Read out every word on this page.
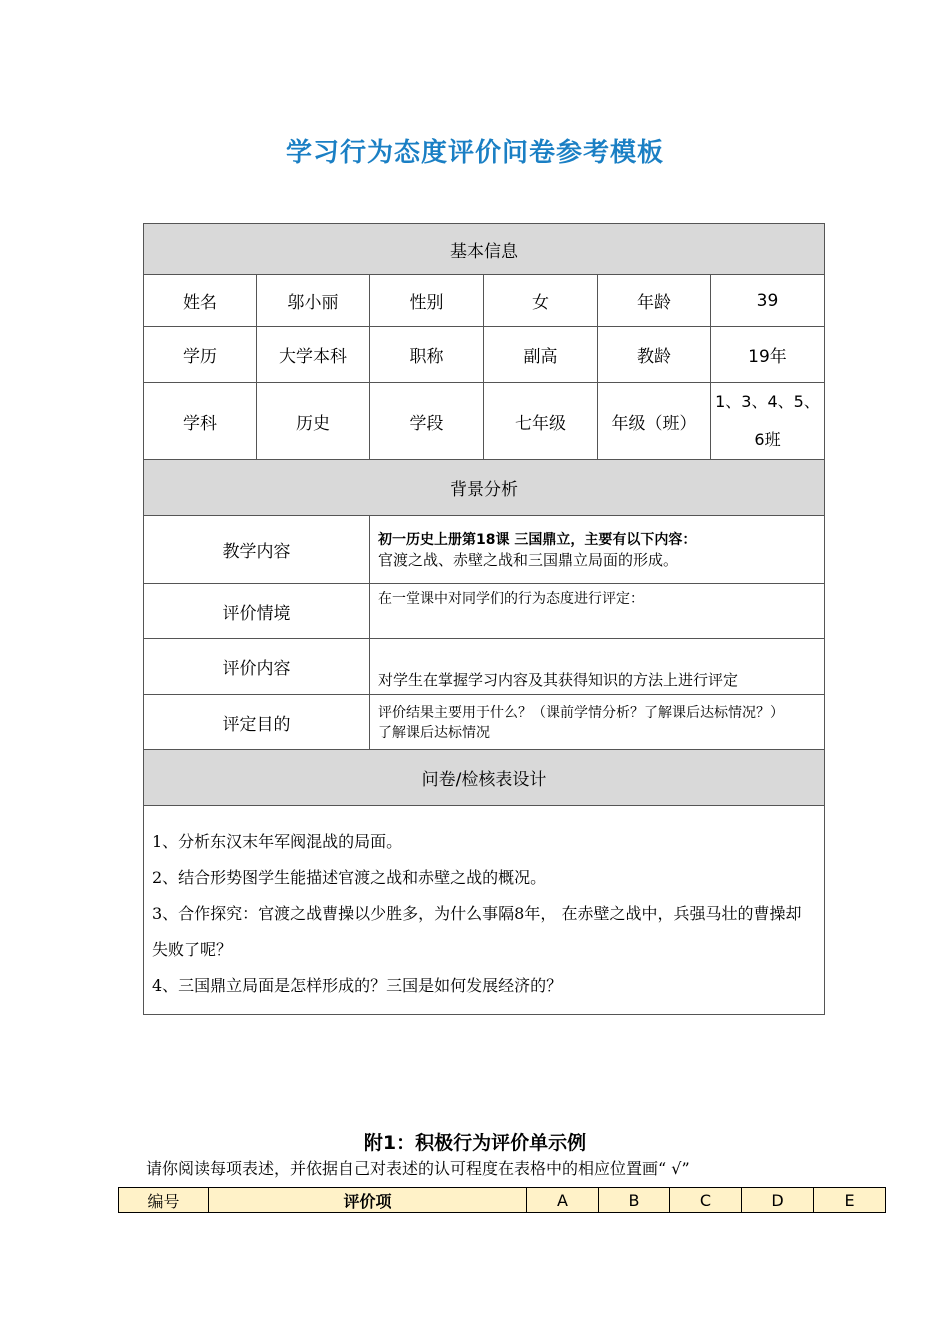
学习行为态度评价问卷参考模板
基本信息					
姓名	邬小丽	性别	女	年龄	39
学历	大学本科	职称	副高	教龄	19年
学科	历史	学段	七年级	年级（班）	1、3、4、5、6班
背景分析					
教学内容		初一历史上册第18课 三国鼎立，主要有以下内容：
官渡之战、赤壁之战和三国鼎立局面的形成。			

评价情境		在一堂课中对同学们的行为态度进行评定：			
评价内容		对学生在掌握学习内容及其获得知识的方法上进行评定			
评定目的		评价结果主要用于什么？（课前学情分析？了解课后达标情况？）
了解课后达标情况			

问卷/检核表设计					

1、分析东汉末年军阀混战的局面。
2、结合形势图学生能描述官渡之战和赤壁之战的概况。
3、合作探究：官渡之战曹操以少胜多，为什么事隔8年， 在赤壁之战中，兵强马壮的曹操却失败了呢？
4、三国鼎立局面是怎样形成的？三国是如何发展经济的？					
附1：积极行为评价单示例
请你阅读每项表述，并依据自己对表述的认可程度在表格中的相应位置画“ √”
编号	评价项	A	B	C	D	E
